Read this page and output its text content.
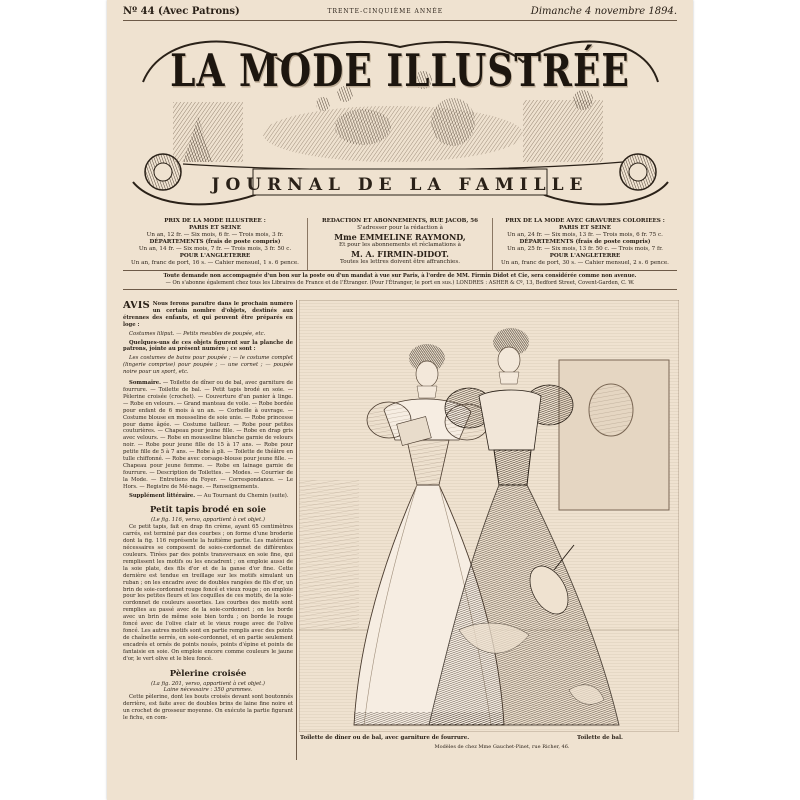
Nº 44 (Avec Patrons)	TRENTE-CINQUIÈME ANNÉE	Dimanche 4 novembre 1894.
LA MODE ILLUSTRÉE
JOURNAL DE LA FAMILLE
PRIX DE LA MODE ILLUSTRÉE :
PARIS ET SEINE
Un an, 12 fr. — Six mois, 6 fr. — Trois mois, 3 fr.
DÉPARTEMENTS (frais de poste compris)
Un an, 14 fr. — Six mois, 7 fr. — Trois mois, 3 fr. 50 c.
POUR L'ANGLETERRE
Un an, franc de port, 16 s. — Cahier mensuel, 1 s. 6 pence.
RÉDACTION ET ABONNEMENTS, RUE JACOB, 56
S'adresser pour la rédaction à
Mme EMMELINE RAYMOND,
Et pour les abonnements et réclamations à
M. A. FIRMIN-DIDOT.
Toutes les lettres doivent être affranchies.
PRIX DE LA MODE AVEC GRAVURES COLORIÉES :
PARIS ET SEINE
Un an, 24 fr. — Six mois, 13 fr. — Trois mois, 6 fr. 75 c.
DÉPARTEMENTS (frais de poste compris)
Un an, 25 fr. — Six mois, 13 fr. 50 c. — Trois mois, 7 fr.
POUR L'ANGLETERRE
Un an, franc de port, 30 s. — Cahier mensuel, 2 s. 6 pence.
Toute demande non accompagnée d'un bon sur la poste ou d'un mandat à vue sur Paris, à l'ordre de MM. Firmin Didot et Cie, sera considérée comme non avenue.
— On s'abonne également chez tous les Libraires de France et de l'Étranger. (Pour l'Étranger, le port en sus.) LONDRES : ASHER & Cº, 13, Bedford Street, Covent-Garden, C. W.
AVIS Nous ferons paraître dans le prochain numéro un certain nombre d'objets, destinés aux étrennes des enfants, et qui peuvent être préparés en loge :
Costumes liliput. — Petits meubles de poupée, etc.
Quelques-uns de ces objets figurent sur la planche de patrons, jointe au présent numéro ; ce sont :
Les costumes de bains pour poupée ; — le costume complet (lingerie comprise) pour poupée ; — une cornet ; — poupée noire pour un sport, etc.
Sommaire. — Toilette de dîner ou de bal, avec garniture de fourrure. — Toilette de bal. — Petit tapis brodé en soie. — Pèlerine croisée (crochet). — Couverture d'un panier à linge. — Robe en velours. — Grand manteau de voile. — Robe bordée pour enfant de 6 mois à un an. — Corbeille à ouvrage. — Costume blouse en mousseline de soie unie. — Robe princesse pour dame âgée. — Costume tailleur. — Robe pour petites couturières. — Chapeau pour jeune fille. — Robe en drap gris avec velours. — Robe en mousseline blanche garnie de velours noir. — Robe pour jeune fille de 15 à 17 ans. — Robe pour petite fille de 5 à 7 ans. — Robe à pli. — Toilette de théâtre en tulle chiffonné. — Robe avec corsage-blouse pour jeune fille. — Chapeau pour jeune femme. — Robe en lainage garnie de fourrure. — Description de Toilettes. — Modes. — Courrier de la Mode. — Entretiens du Foyer. — Correspondance. — Le Hors. — Registre de Mé-nage. — Renseignements.
Supplément littéraire. — Au Tournant du Chemin (suite).
Petit tapis brodé en soie
(Le fig. 116, verso, appartient à cet objet.)
Ce petit tapis, fait en drap fin crème, ayant 65 centimètres carrés, est terminé par des courbes ; on forme d'une broderie dont la fig. 116 représente la huitième partie. Les matériaux nécessaires se composent de soies-cordonnet de différentes couleurs. Tirées par des points transversaux en soie fine, qui remplissent les motifs ou les encadrent ; on emploie aussi de la soie plate, des fils d'or et de la ganse d'or fine. Cette dernière est tendue en treillage sur les motifs simulant un ruban ; on les encadre avec de doubles rangées de fils d'or, un brin de soie-cordonnet rouge foncé et vieux rouge ; on emploie pour les petites fleurs et les coquilles de ces motifs, de la soie-cordonnet de couleurs assorties. Les courbes des motifs sont remplies au passé avec de la soie-cordonnet ; on les borde avec un brin de même soie bien tordu ; on borde le rouge foncé avec de l'olive clair et le vieux rouge avec de l'olive foncé. Les autres motifs sont en partie remplis avec des points de chaînette serrés, en soie-cordonnet, et en partie seulement encadrés et ornés de points noués, points d'épine et points de fantaisie en soie. On emploie encore comme couleurs le jaune d'or, le vert olive et le bleu foncé.
Pèlerine croisée
(La fig. 201, verso, appartient à cet objet.)
Laine nécessaire : 350 grammes.
Cette pèlerine, dont les bouts croisés devant sont boutonnés derrière, est faite avec de doubles brins de laine fine noire et un crochet de grosseur moyenne. On exécute la partie figurant le fichu, en com-
Toilette de dîner ou de bal, avec garniture de fourrure.	Toilette de bal.
Modèles de chez Mme Gauchet-Pinet, rue Richer, 46.
